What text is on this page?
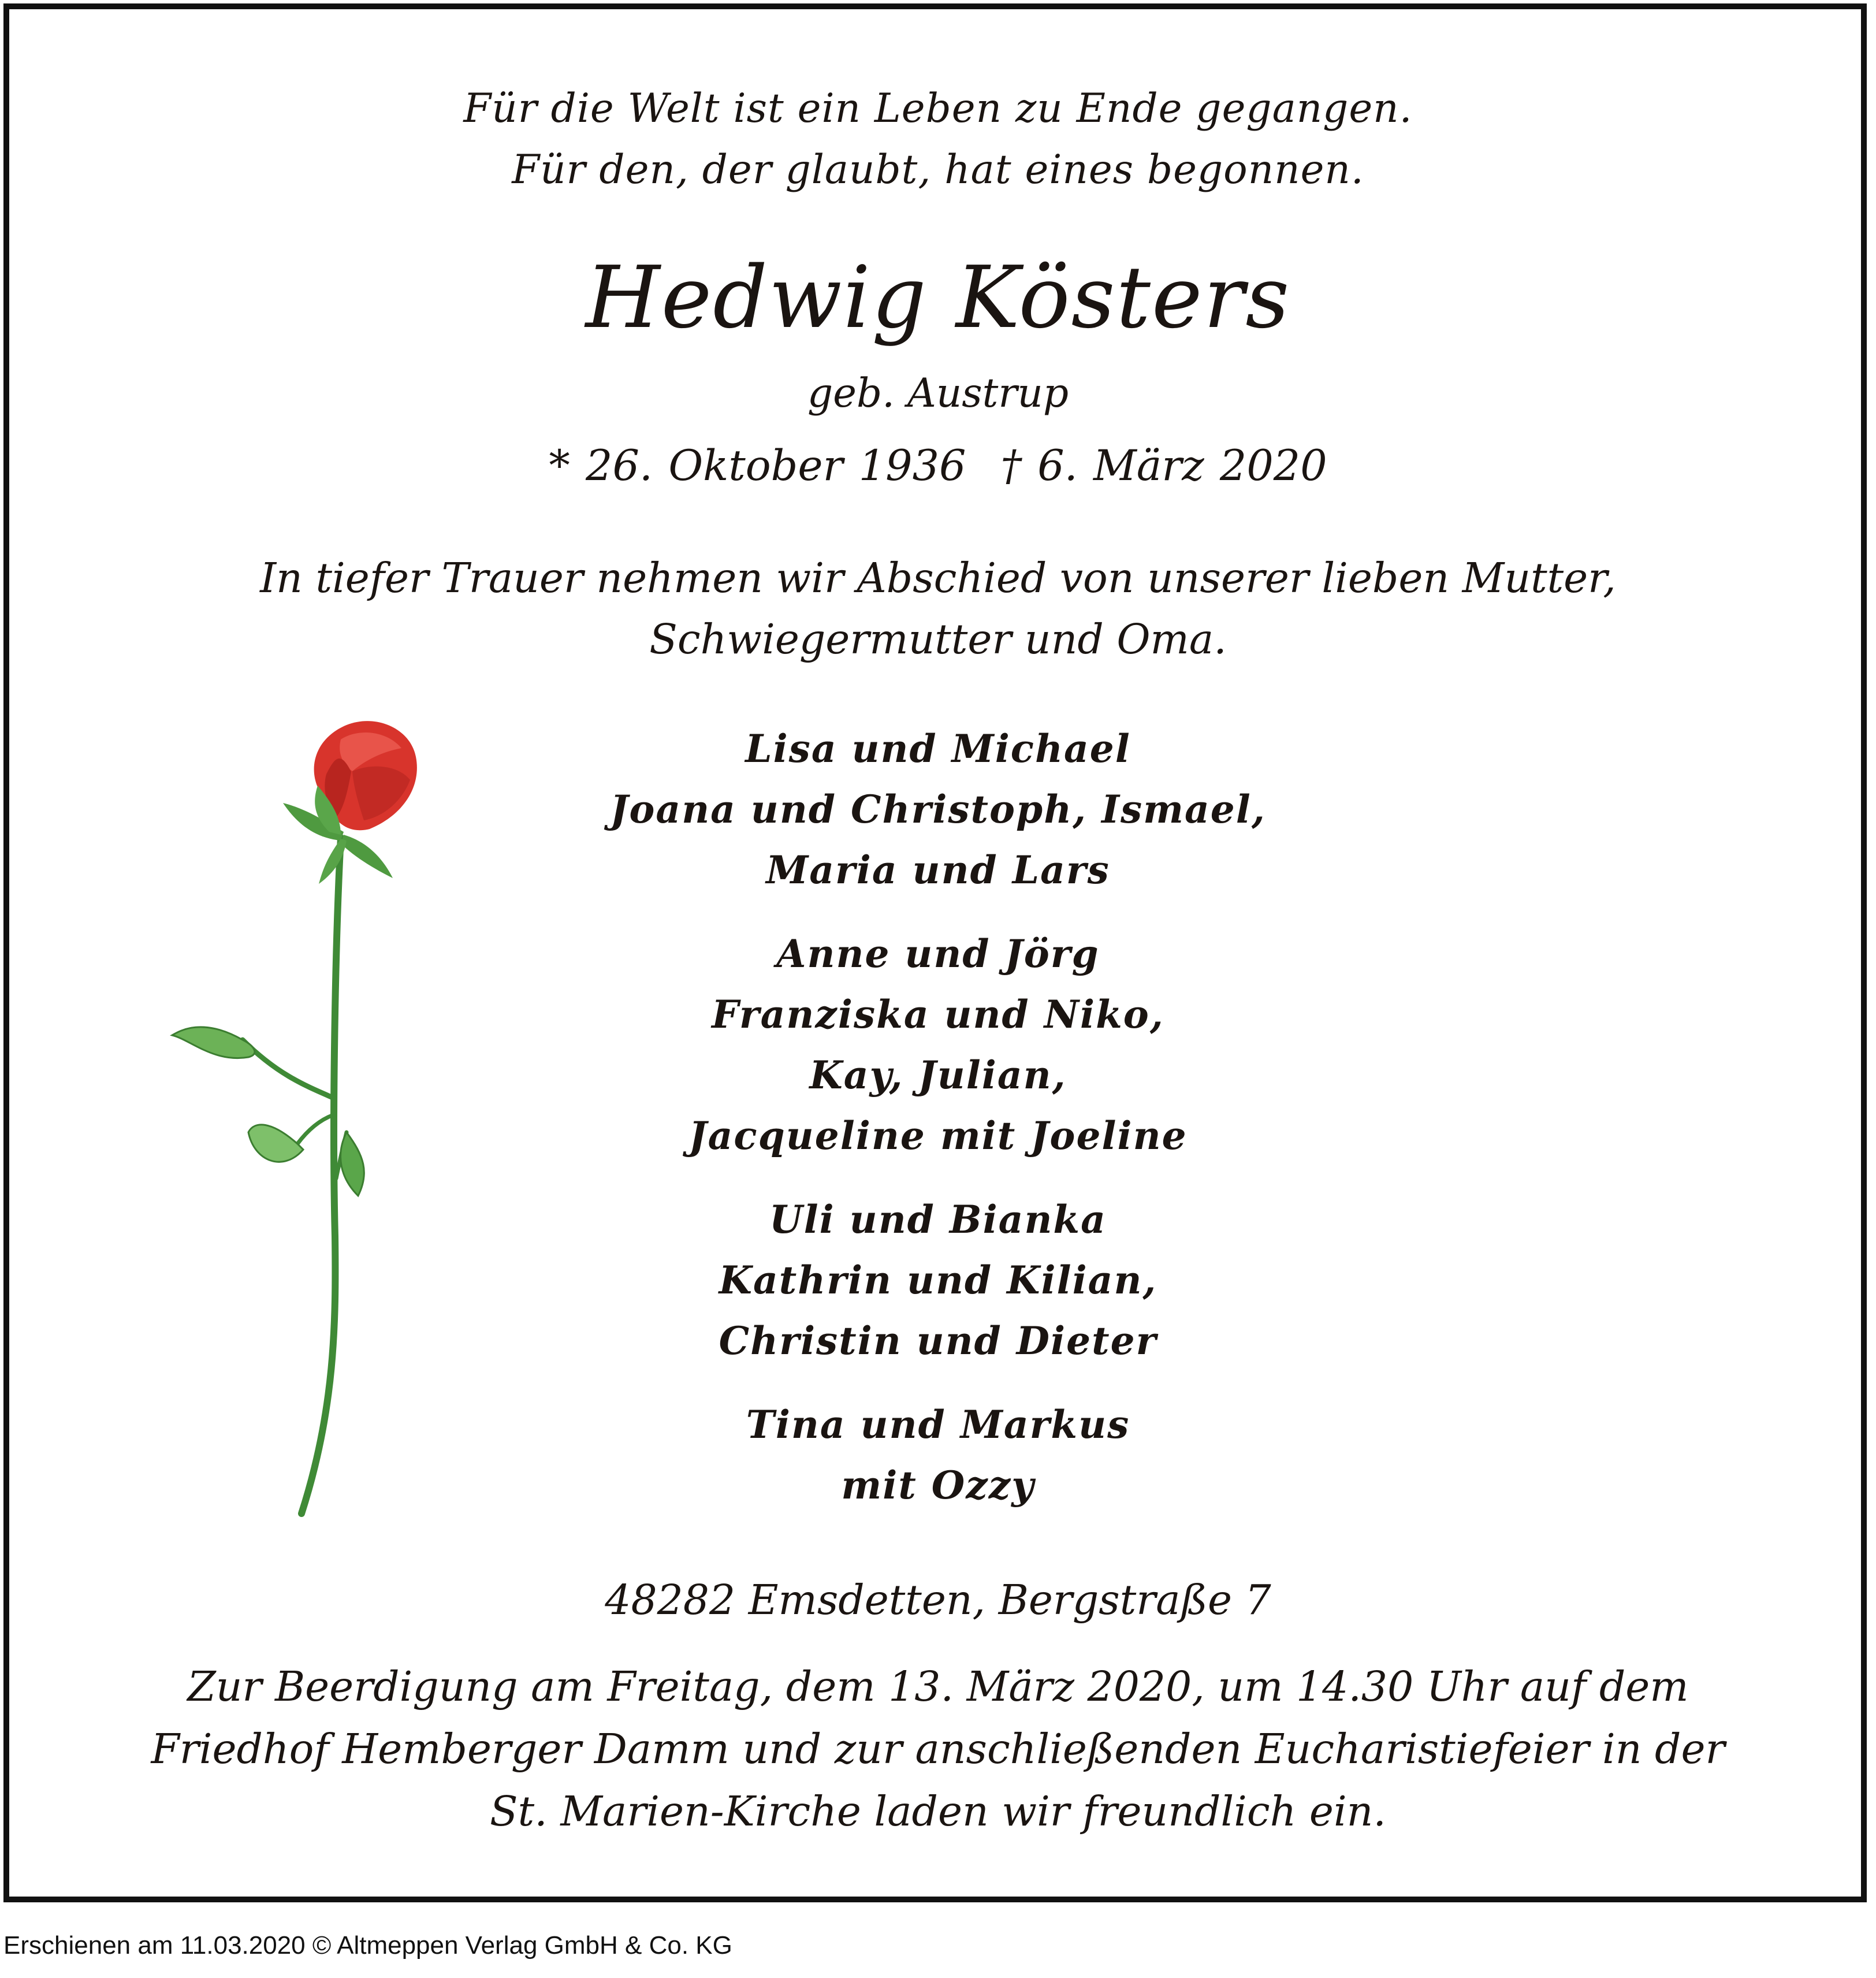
Für die Welt ist ein Leben zu Ende gegangen.
Für den, der glaubt, hat eines begonnen.
Hedwig Kösters
geb. Austrup
* 26. Oktober 1936 † 6. März 2020
In tiefer Trauer nehmen wir Abschied von unserer lieben Mutter,
Schwiegermutter und Oma.
Lisa und Michael
Joana und Christoph, Ismael,
Maria und Lars
Anne und Jörg
Franziska und Niko,
Kay, Julian,
Jacqueline mit Joeline
Uli und Bianka
Kathrin und Kilian,
Christin und Dieter
Tina und Markus
mit Ozzy
48282 Emsdetten, Bergstraße 7
Zur Beerdigung am Freitag, dem 13. März 2020, um 14.30 Uhr auf dem
Friedhof Hemberger Damm und zur anschließenden Eucharistiefeier in der
St. Marien-Kirche laden wir freundlich ein.
Erschienen am 11.03.2020 © Altmeppen Verlag GmbH & Co. KG
